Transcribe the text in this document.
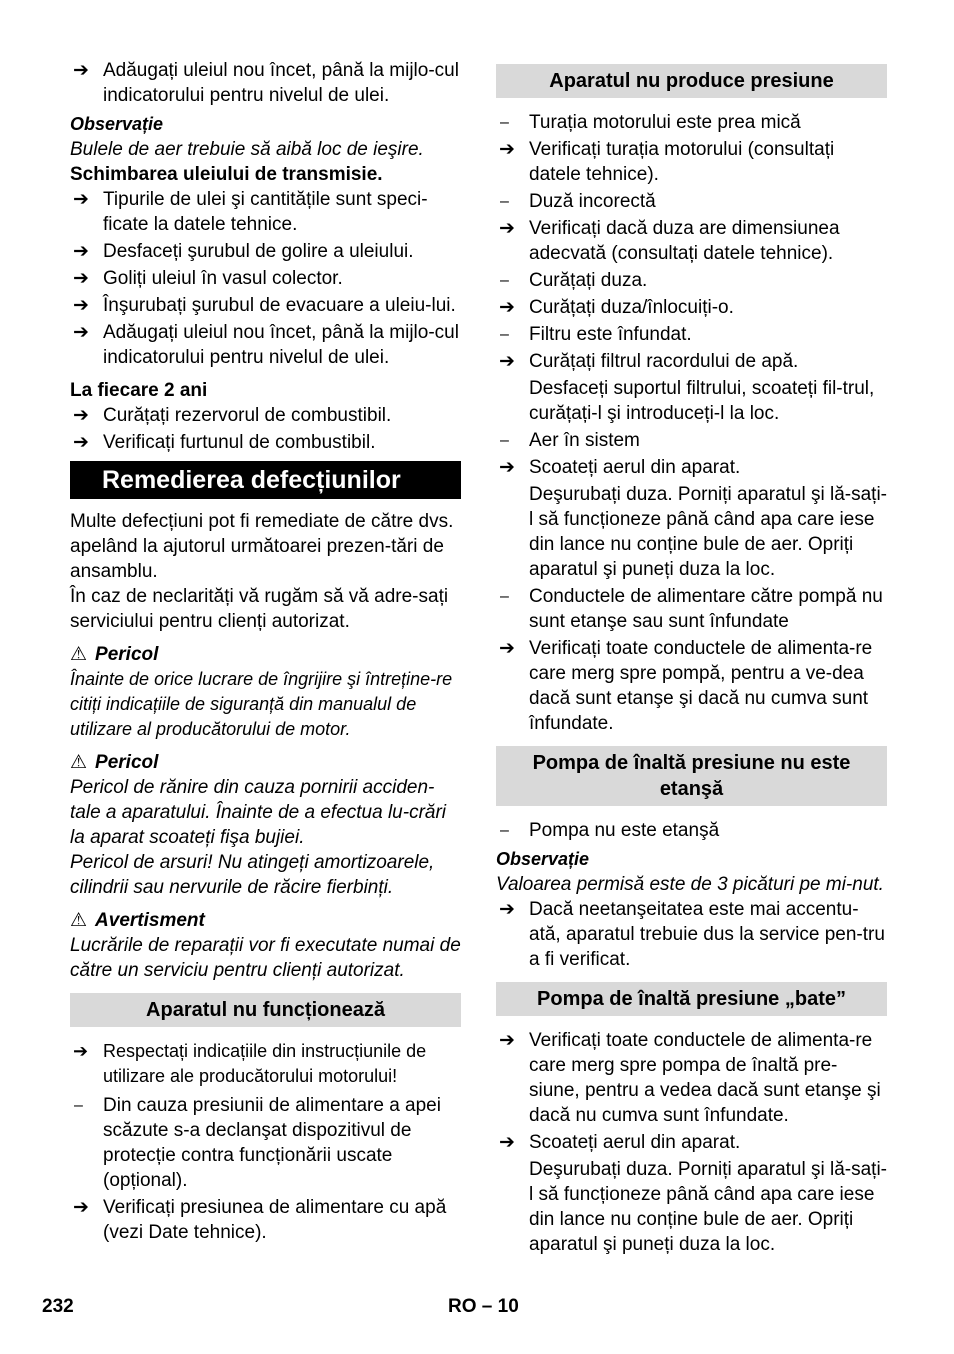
➔ Adăugați uleiul nou încet, până la mijlo-cul indicatorului pentru nivelul de ulei.
Observație
Bulele de aer trebuie să aibă loc de ieşire.
Schimbarea uleiului de transmisie.
➔ Tipurile de ulei şi cantitățile sunt speci-ficate la datele tehnice.
➔ Desfaceți şurubul de golire a uleiului.
➔ Goliți uleiul în vasul colector.
➔ Înşurubați şurubul de evacuare a uleiu-lui.
➔ Adăugați uleiul nou încet, până la mijlo-cul indicatorului pentru nivelul de ulei.
La fiecare 2 ani
➔ Curățați rezervorul de combustibil.
➔ Verificați furtunul de combustibil.
Remedierea defecțiunilor
Multe defecțiuni pot fi remediate de către dvs. apelând la ajutorul următoarei prezen-tări de ansamblu.
În caz de neclarități vă rugăm să vă adre-sați serviciului pentru clienți autorizat.
⚠ Pericol
Înainte de orice lucrare de îngrijire şi întreține-re citiți indicațiile de siguranță din manualul de utilizare al producătorului de motor.
⚠ Pericol
Pericol de rănire din cauza pornirii acciden-tale a aparatului. Înainte de a efectua lu-crări la aparat scoateți fişa bujiei.
Pericol de arsuri! Nu atingeți amortizoarele, cilindrii sau nervurile de răcire fierbinți.
⚠ Avertisment
Lucrările de reparații vor fi executate numai de către un serviciu pentru clienți autorizat.
Aparatul nu funcționează
➔ Respectați indicațiile din instrucțiunile de utilizare ale producătorului motorului!
– Din cauza presiunii de alimentare a apei scăzute s-a declanşat dispozitivul de protecție contra funcționării uscate (opțional).
➔ Verificați presiunea de alimentare cu apă (vezi Date tehnice).
Aparatul nu produce presiune
– Turația motorului este prea mică
➔ Verificați turația motorului (consultați datele tehnice).
– Duză incorectă
➔ Verificați dacă duza are dimensiunea adecvată (consultați datele tehnice).
– Curățați duza.
➔ Curățați duza/înlocuiți-o.
– Filtru este înfundat.
➔ Curățați filtrul racordului de apă.
Desfaceți suportul filtrului, scoateți fil-trul, curățați-l şi introduceți-l la loc.
– Aer în sistem
➔ Scoateți aerul din aparat.
Deşurubați duza. Porniți aparatul şi lă-sați-l să funcționeze până când apa care iese din lance nu conține bule de aer. Opriți aparatul şi puneți duza la loc.
– Conductele de alimentare către pompă nu sunt etanşe sau sunt înfundate
➔ Verificați toate conductele de alimenta-re care merg spre pompă, pentru a ve-dea dacă sunt etanşe şi dacă nu cumva sunt înfundate.
Pompa de înaltă presiune nu este etanşă
– Pompa nu este etanşă
Observație
Valoarea permisă este de 3 picături pe mi-nut.
➔ Dacă neetanşeitatea este mai accentu-ată, aparatul trebuie dus la service pen-tru a fi verificat.
Pompa de înaltă presiune „bate”
➔ Verificați toate conductele de alimenta-re care merg spre pompa de înaltă pre-siune, pentru a vedea dacă sunt etanşe şi dacă nu cumva sunt înfundate.
➔ Scoateți aerul din aparat.
Deşurubați duza. Porniți aparatul şi lă-sați-l să funcționeze până când apa care iese din lance nu conține bule de aer. Opriți aparatul şi puneți duza la loc.
232	RO – 10
